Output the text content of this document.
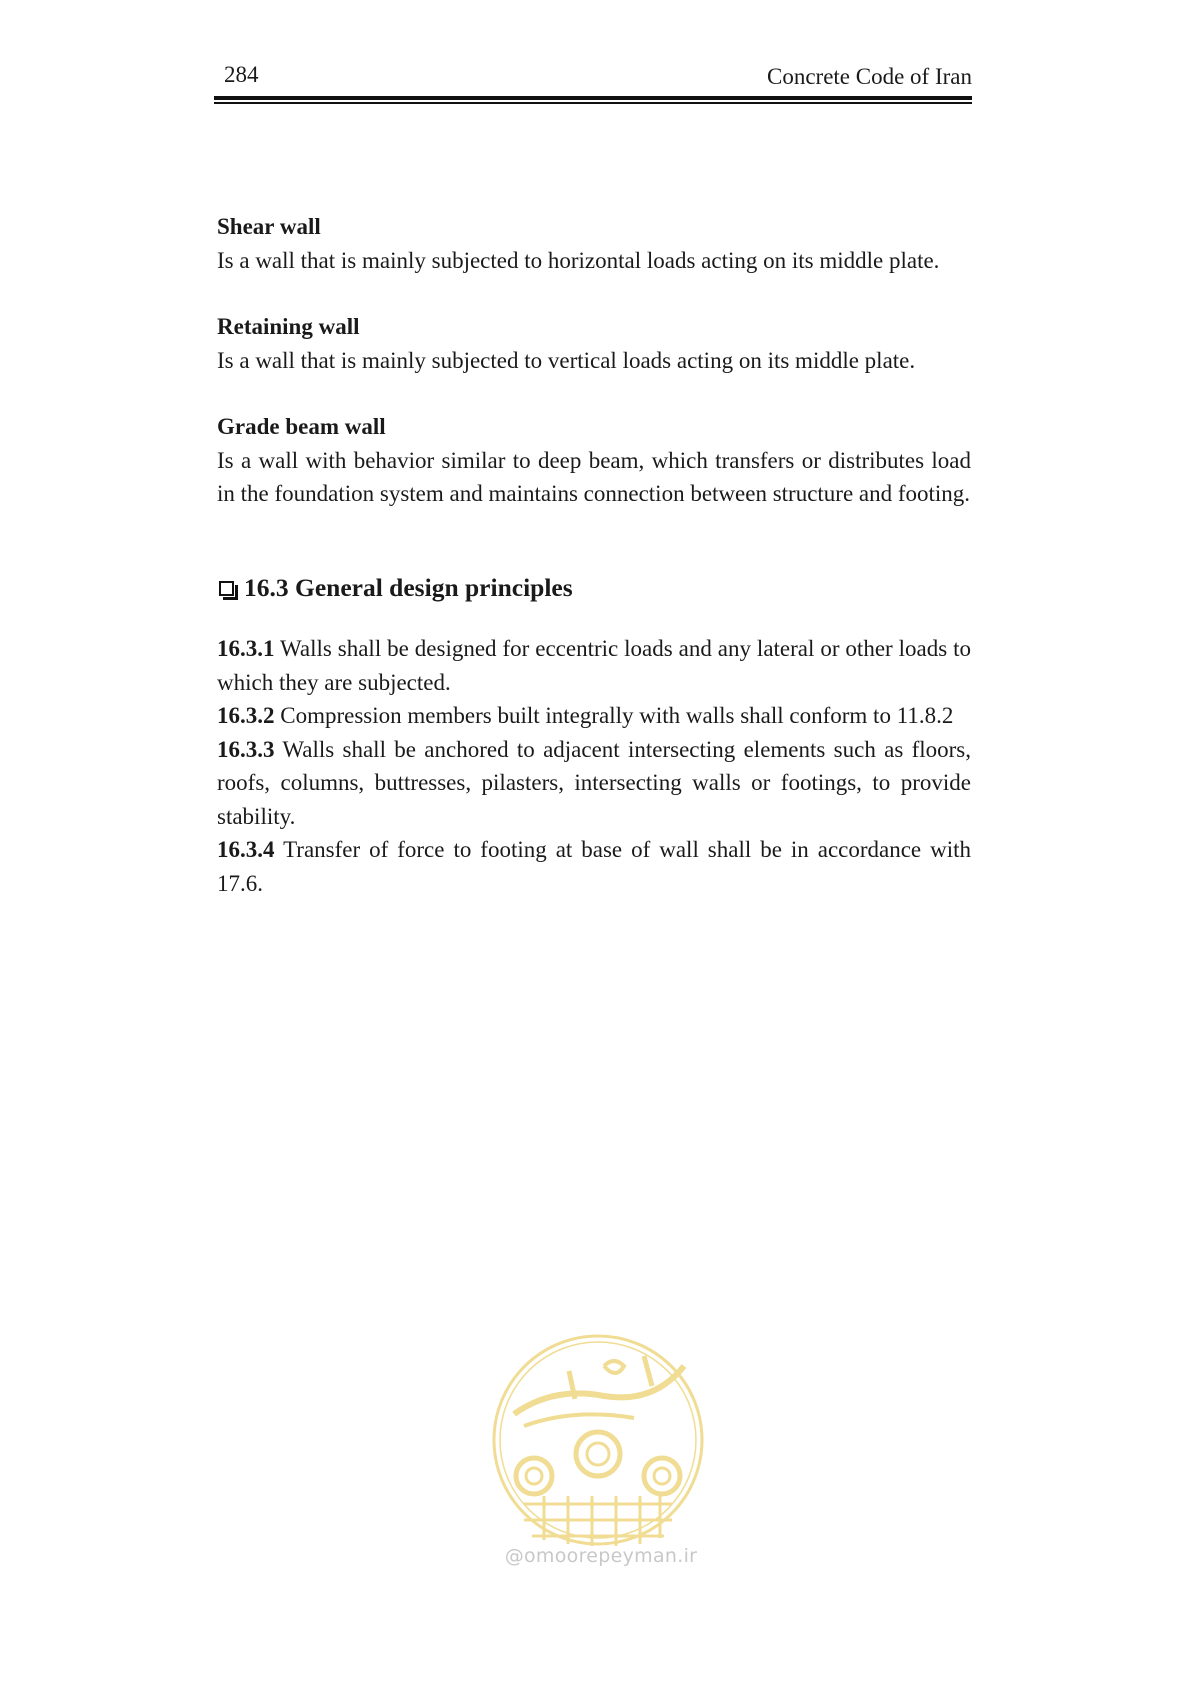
284	Concrete Code of Iran

Shear wall

Is a wall that is mainly subjected to horizontal loads acting on its middle plate.

Retaining wall

Is a wall that is mainly subjected to vertical loads acting on its middle plate.

Grade beam wall

Is a wall with behavior similar to deep beam, which transfers or distributes load in the foundation system and maintains connection between structure and footing.

16.3 General design principles

16.3.1 Walls shall be designed for eccentric loads and any lateral or other loads to which they are subjected.

16.3.2 Compression members built integrally with walls shall conform to 11.8.2

16.3.3 Walls shall be anchored to adjacent intersecting elements such as floors, roofs, columns, buttresses, pilasters, intersecting walls or footings, to provide stability.

16.3.4 Transfer of force to footing at base of wall shall be in accordance with 17.6.

@omoorepeyman.ir
